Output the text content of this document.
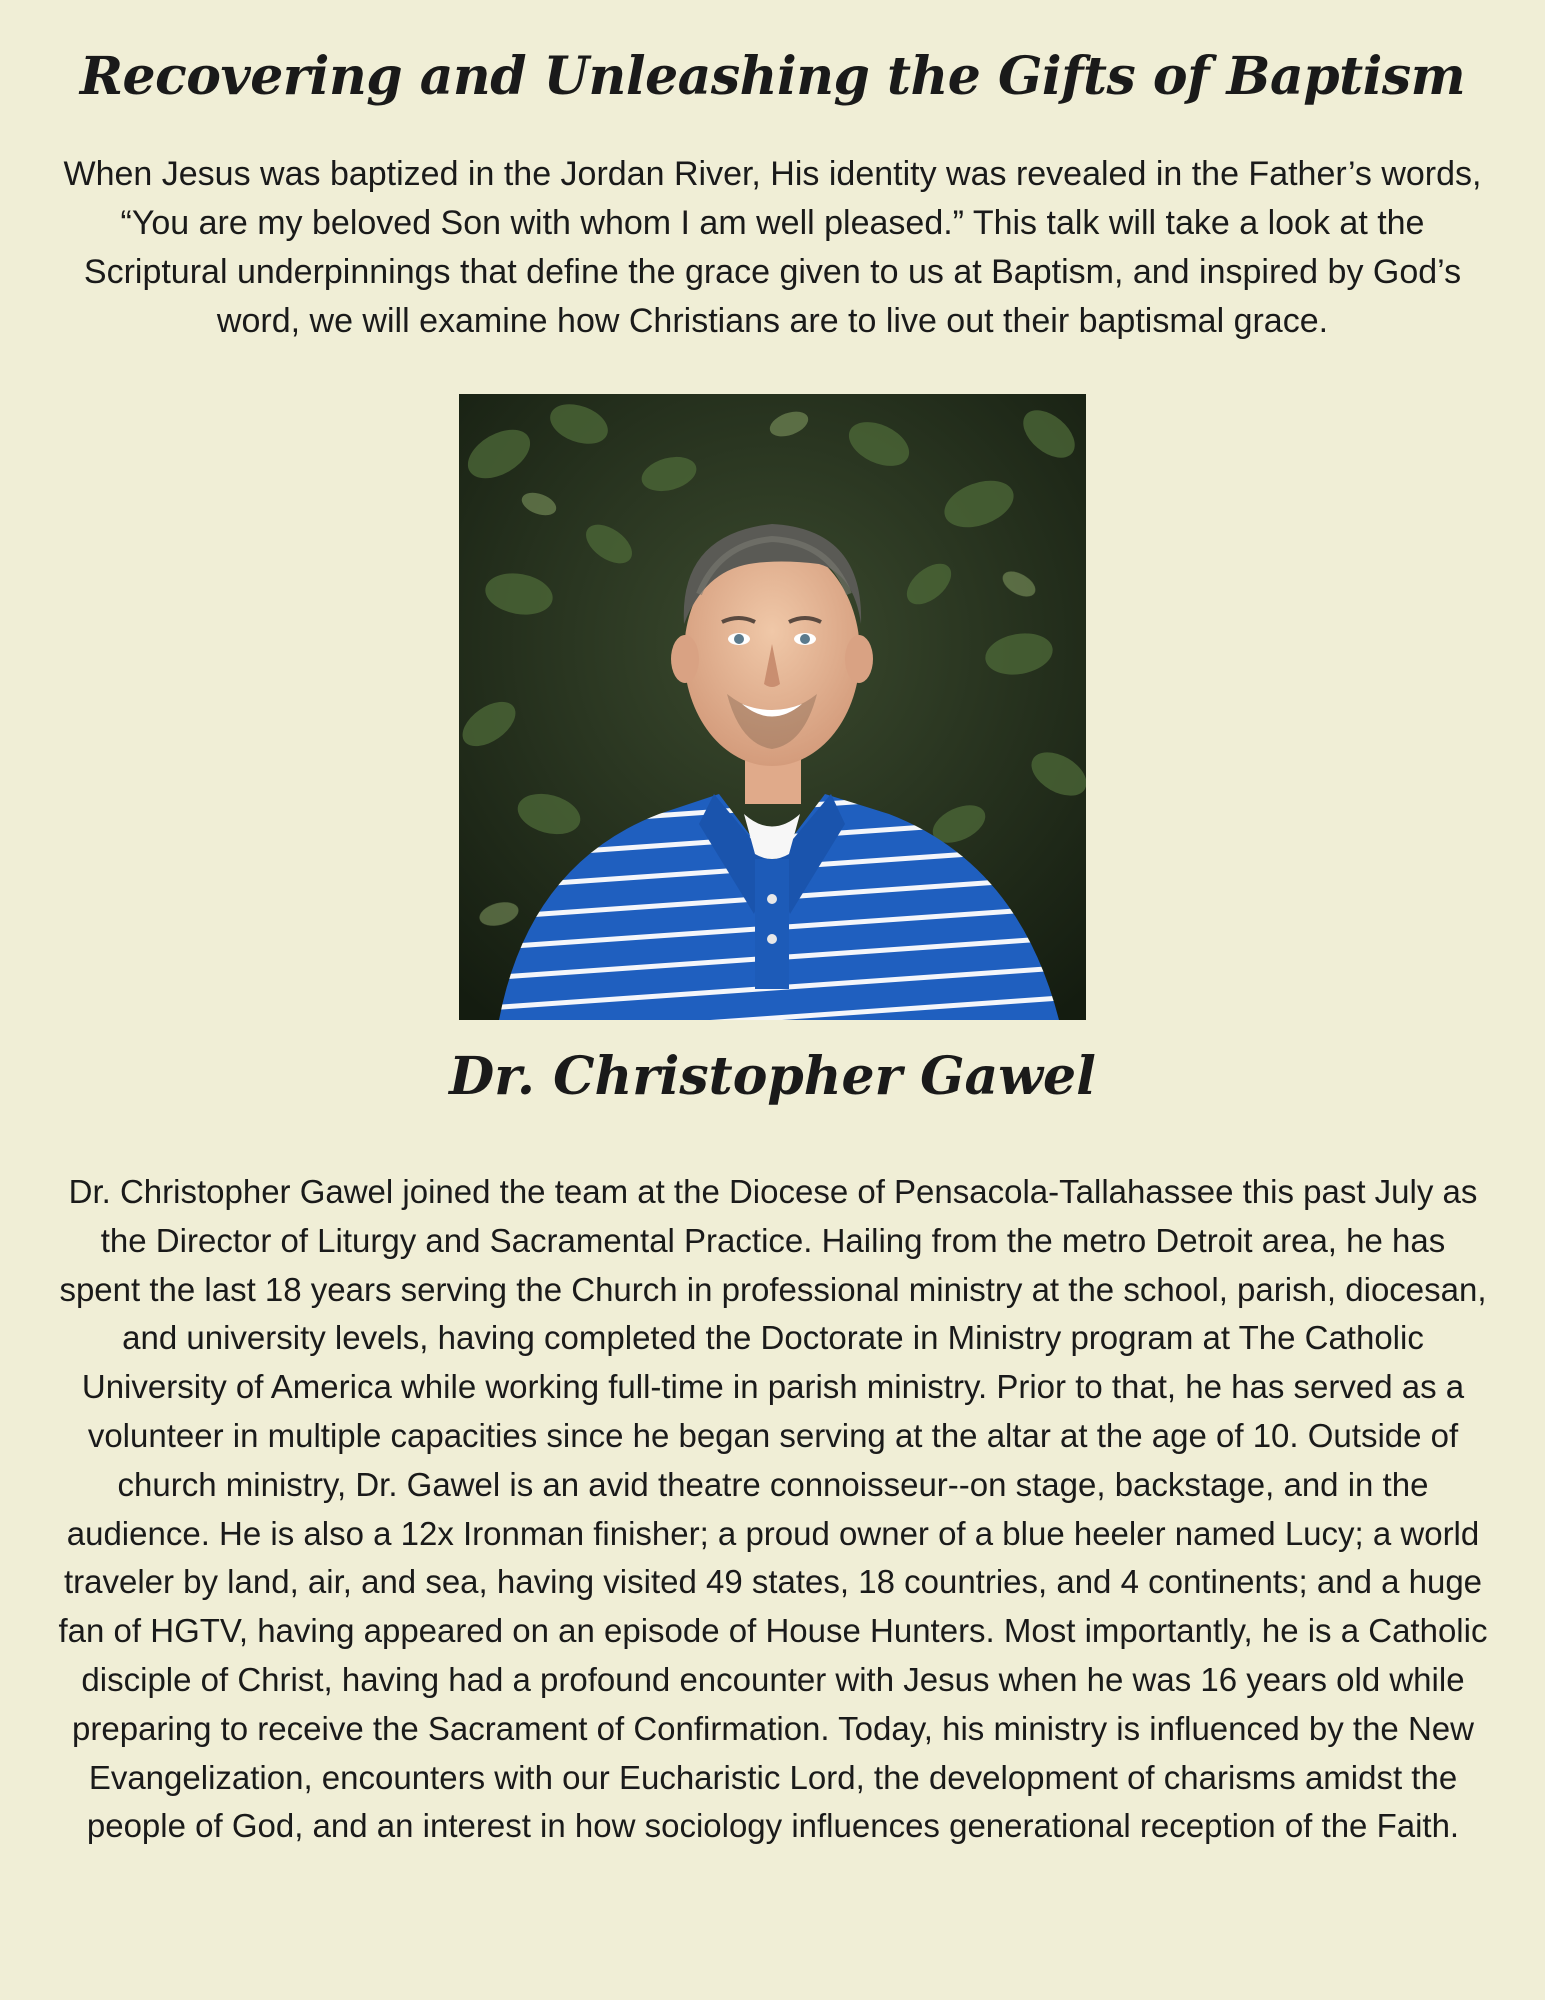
Recovering and Unleashing the Gifts of Baptism

When Jesus was baptized in the Jordan River, His identity was revealed in the Father’s words, “You are my beloved Son with whom I am well pleased.” This talk will take a look at the Scriptural underpinnings that define the grace given to us at Baptism, and inspired by God’s word, we will examine how Christians are to live out their baptismal grace.

Dr. Christopher Gawel

Dr. Christopher Gawel joined the team at the Diocese of Pensacola-Tallahassee this past July as the Director of Liturgy and Sacramental Practice. Hailing from the metro Detroit area, he has spent the last 18 years serving the Church in professional ministry at the school, parish, diocesan, and university levels, having completed the Doctorate in Ministry program at The Catholic University of America while working full-time in parish ministry. Prior to that, he has served as a volunteer in multiple capacities since he began serving at the altar at the age of 10. Outside of church ministry, Dr. Gawel is an avid theatre connoisseur--on stage, backstage, and in the audience. He is also a 12x Ironman finisher; a proud owner of a blue heeler named Lucy; a world traveler by land, air, and sea, having visited 49 states, 18 countries, and 4 continents; and a huge fan of HGTV, having appeared on an episode of House Hunters. Most importantly, he is a Catholic disciple of Christ, having had a profound encounter with Jesus when he was 16 years old while preparing to receive the Sacrament of Confirmation. Today, his ministry is influenced by the New Evangelization, encounters with our Eucharistic Lord, the development of charisms amidst the people of God, and an interest in how sociology influences generational reception of the Faith.
